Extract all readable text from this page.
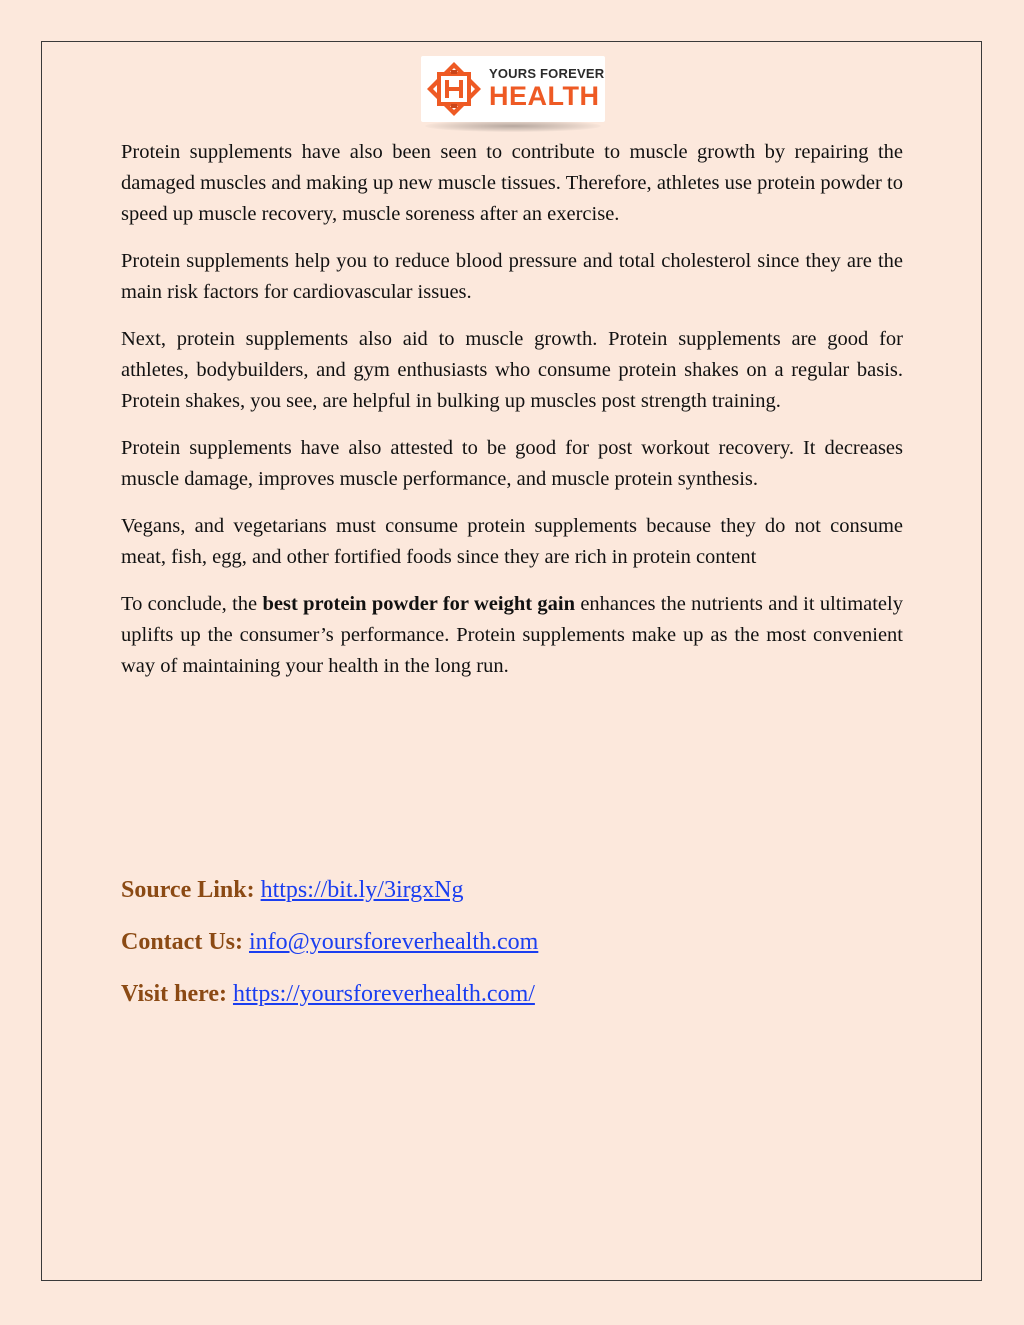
YOURS FOREVER
HEALTH

Protein supplements have also been seen to contribute to muscle growth by repairing the damaged muscles and making up new muscle tissues. Therefore, athletes use protein powder to speed up muscle recovery, muscle soreness after an exercise.

Protein supplements help you to reduce blood pressure and total cholesterol since they are the main risk factors for cardiovascular issues.

Next, protein supplements also aid to muscle growth. Protein supplements are good for athletes, bodybuilders, and gym enthusiasts who consume protein shakes on a regular basis. Protein shakes, you see, are helpful in bulking up muscles post strength training.

Protein supplements have also attested to be good for post workout recovery. It decreases muscle damage, improves muscle performance, and muscle protein synthesis.

Vegans, and vegetarians must consume protein supplements because they do not consume meat, fish, egg, and other fortified foods since they are rich in protein content

To conclude, the best protein powder for weight gain enhances the nutrients and it ultimately uplifts up the consumer’s performance. Protein supplements make up as the most convenient way of maintaining your health in the long run.

Source Link: https://bit.ly/3irgxNg
Contact Us: info@yoursforeverhealth.com
Visit here: https://yoursforeverhealth.com/
